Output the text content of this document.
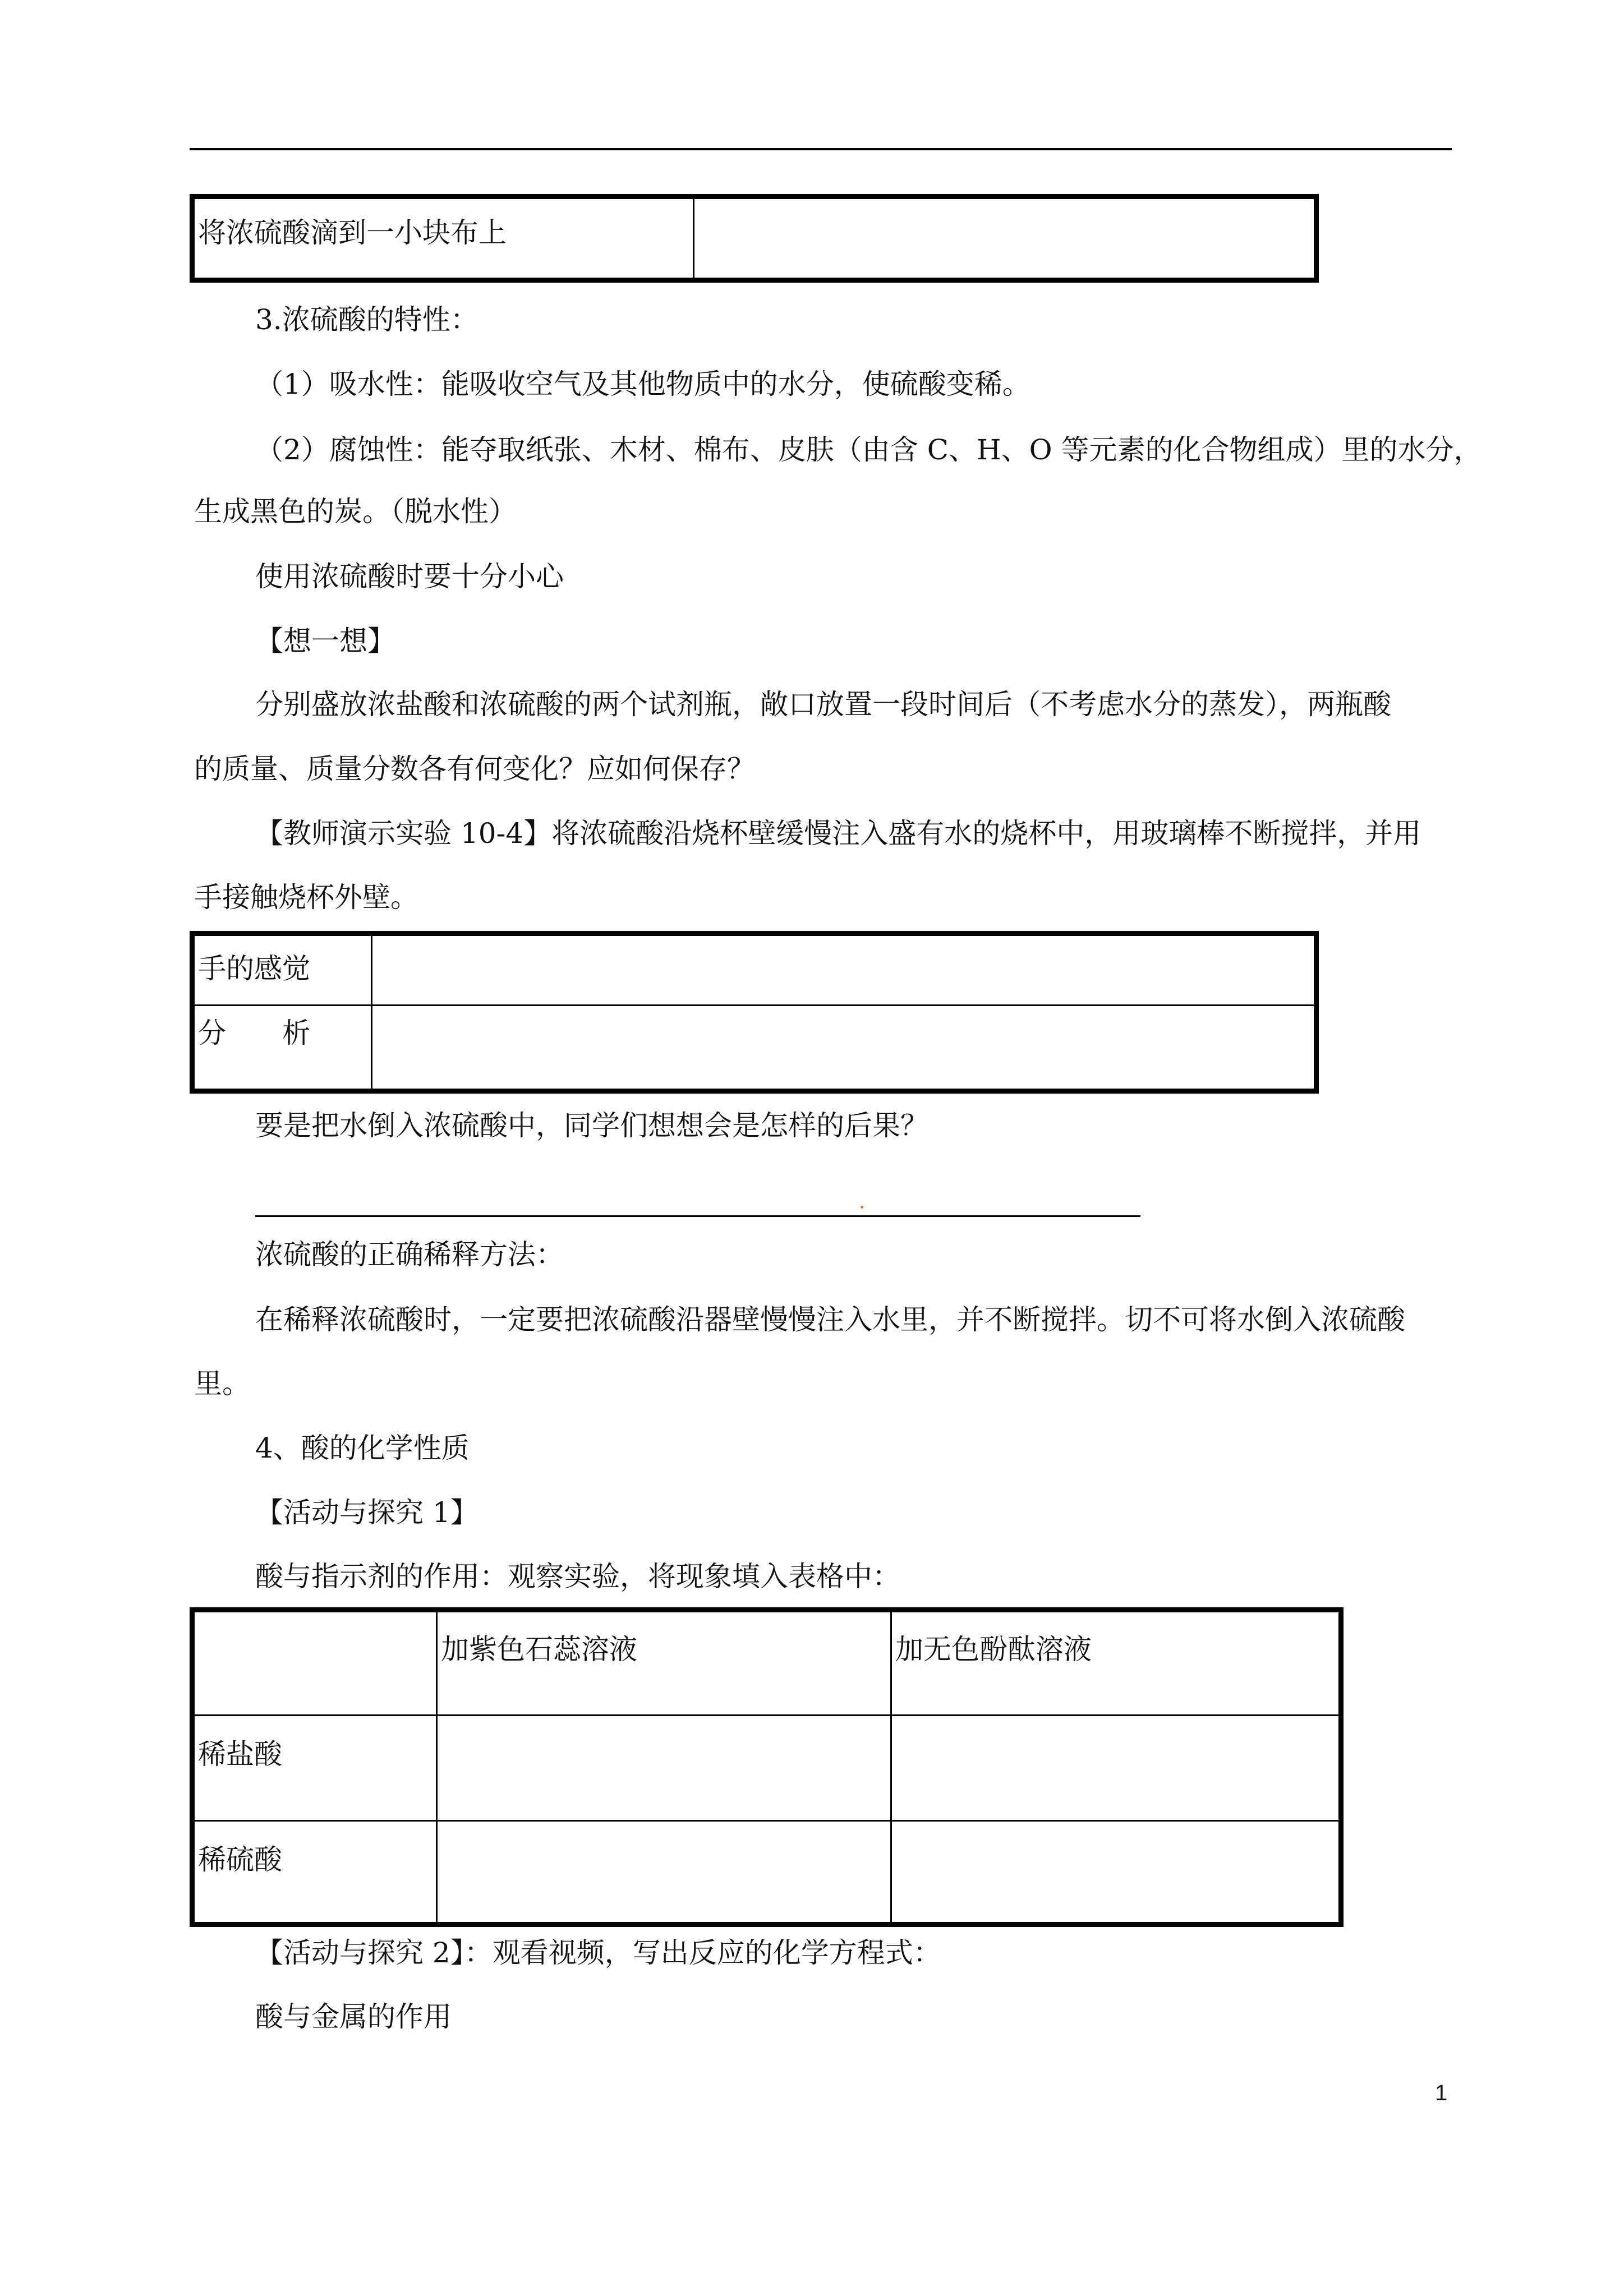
将浓硫酸滴到一小块布上	
3.浓硫酸的特性：
（1）吸水性：能吸收空气及其他物质中的水分，使硫酸变稀。
（2）腐蚀性：能夺取纸张、木材、棉布、皮肤（由含 C、H、O 等元素的化合物组成）里的水分，
生成黑色的炭。（脱水性）
使用浓硫酸时要十分小心
【想一想】
分别盛放浓盐酸和浓硫酸的两个试剂瓶，敞口放置一段时间后（不考虑水分的蒸发），两瓶酸
的质量、质量分数各有何变化？应如何保存？
【教师演示实验 10-4】将浓硫酸沿烧杯壁缓慢注入盛有水的烧杯中，用玻璃棒不断搅拌，并用
手接触烧杯外壁。
手的感觉	
分　　析	
要是把水倒入浓硫酸中，同学们想想会是怎样的后果？
浓硫酸的正确稀释方法：
在稀释浓硫酸时，一定要把浓硫酸沿器壁慢慢注入水里，并不断搅拌。切不可将水倒入浓硫酸
里。
4、酸的化学性质
【活动与探究 1】
酸与指示剂的作用：观察实验，将现象填入表格中：
	加紫色石蕊溶液	加无色酚酞溶液
稀盐酸		
稀硫酸		
【活动与探究 2】：观看视频，写出反应的化学方程式：
酸与金属的作用
1
